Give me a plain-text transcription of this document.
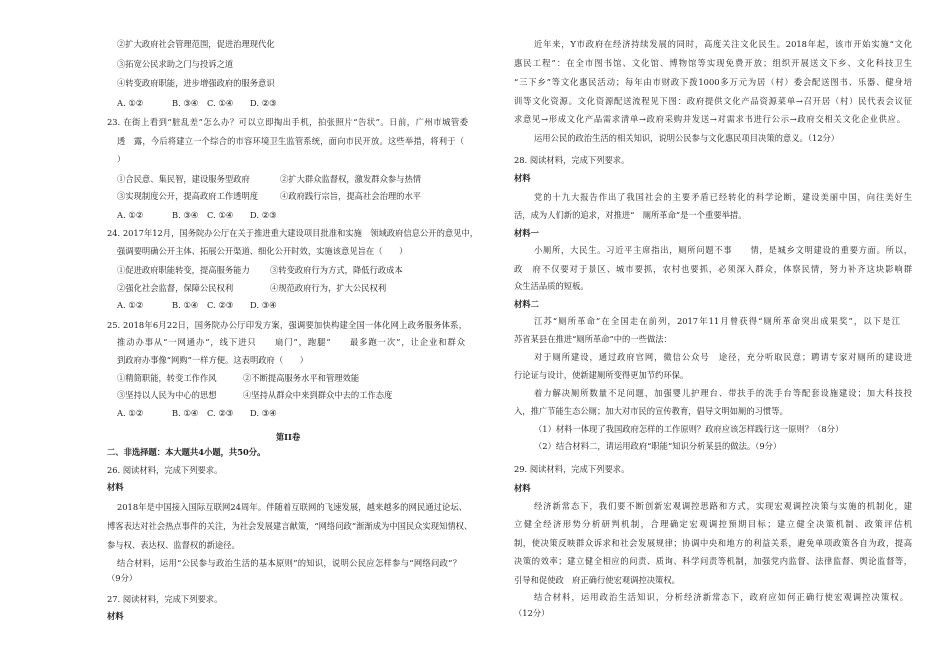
②扩大政府社会管理范围，促进治理现代化
③拓宽公民求助之门与投诉之道
④转变政府职能，进步增强政府的服务意识
A. ①②	B. ③④ C. ①④ D. ②③
23. 在街上看到“脏乱差”怎么办？可以立即掏出手机，拍张照片“告状”。日前，广州市城管委
透　露，今后将建立一个综合的市容环境卫生监管系统，面向市民开放。这些举措，将利于（
）
①合民意、集民智，建设服务型政府	②扩大群众监督权，激发群众参与热情
③实现制度公开，提高政府工作透明度	④政府践行宗旨，提高社会治理的水平
A. ①②	B. ③④ C. ①④ D. ②③
24. 2017年12月，国务院办公厅在关于推进重大建设项目批准和实施　领域政府信息公开的意见中，
强调要明确公开主体、拓展公开渠道、细化公开时效，实施该意见旨在（　　）
①促进政府职能转变，提高服务能力 ③转变政府行为方式，降低行政成本
②强化社会监督，保障公民权利	④规范政府行为，扩大公民权利
A. ①②	B. ①④ C. ②③ D. ③④
25. 2018年6月22日，国务院办公厅印发方案，强调要加快构建全国一体化网上政务服务体系，
推动办事从“一网通办”，线下进只　　扇门”，跑腿”　　最多跑一次”，让企业和群众
到政府办事像“网购”一样方便。这表明政府（　　）
①精简职能，转变工作作风	②不断提高服务水平和管理效能
③坚持以人民为中心的思想	④坚持从群众中来到群众中去的工作态度
A. ①②	B. ①④ C. ②③ D. ③④
第II卷
二、非选择题：本大题共4小题，共50分。
26. 阅读材料，完成下列要求。
材料
2018年是中国接入国际互联网24周年。伴随着互联网的飞速发展，越来越多的网民通过论坛、
博客表达对社会热点事件的关注，为社会发展建言献策，“网络问政”渐渐成为中国民众实现知情权、
参与权、表达权、监督权的新途径。
结合材料，运用“公民参与政治生活的基本原则”的知识，说明公民应怎样参与“网络问政”？
（9分）
27. 阅读材料，完成下列要求。
材料
近年来，Y市政府在经济持续发展的同时，高度关注文化民生。2018年起，该市开始实施“文化
惠民工程”：在全市图书馆、文化馆、博物馆等实现免费开放；组织开展送文下乡、文化科技卫生
“三下乡”等文化惠民活动；每年由市财政下拨1000多万元为居（村）委会配送图书、乐器、健身培
训等文化资源。文化资源配送流程见下图：政府提供文化产品资源菜单→召开居（村）民代表会议征
求意见→形成文化产品需求清单→政府采购并发送→对需求书进行公示→政府交相关文化企业供应。
运用公民的政治生活的相关知识，说明公民参与文化惠民项目决策的意义。（12分）
28. 阅读材料，完成下列要求。
材料
党的十九大报告作出了我国社会的主要矛盾已经转化的科学论断，建设美丽中国，向往美好生
活，成为人们新的追求，对推进“　厕所革命”是一个重要举措。
材料一
小厕所，大民生。习近平主席指出，厕所问题不事　　情，是城乡文明建设的重要方面。所以，
政　府不仅要对于景区、城市要抓，农村也要抓，必须深入群众，体察民情，努力补齐这块影响群
众生活品质的短板。
材料二
江苏“厕所革命”在全国走在前列，2017年11月曾获得“厕所革命突出成果奖”，以下是江
苏省某县在推进“厕所革命”中的一些做法：
对于厕所建设，通过政府官网，微信公众号　途径，充分听取民意；聘请专家对厕所的建设进
行论证与设计，使新建厕所变得更加节约环保。
着力解决厕所数量不足问题，加强婴儿护理台、带扶手的洗手台等配套设施建设；加大科技投
入，推广节能生态公厕；加大对市民的宣传教育，倡导文明如厕的习惯等。
（1）材料一体现了我国政府怎样的工作原则？政府应该怎样践行这一原则？（8分）
（2）结合材料二，请运用政府“职能”知识分析某县的做法。（9分）
29. 阅读材料，完成下列要求。
材料
经济新常态下，我们要不断创新宏观调控思路和方式，实现宏观调控决策与实施的机制化，建
立健全经济形势分析研判机制，合理确定宏观调控预期目标；建立健全决策机制、政策评估机
制，使决策反映群众诉求和社会发展规律；协调中央和地方的利益关系，避免单项政策各自为政，提高
决策的效率；建立健全相应的问责、质询、科学问责等机制，加强党内监督、法律监督、舆论监督等，
引导和促使政　府正确行使宏观调控决策权。
结合材料，运用政治生活知识，分析经济新常态下，政府应如何正确行使宏观调控决策权。
（12分）
